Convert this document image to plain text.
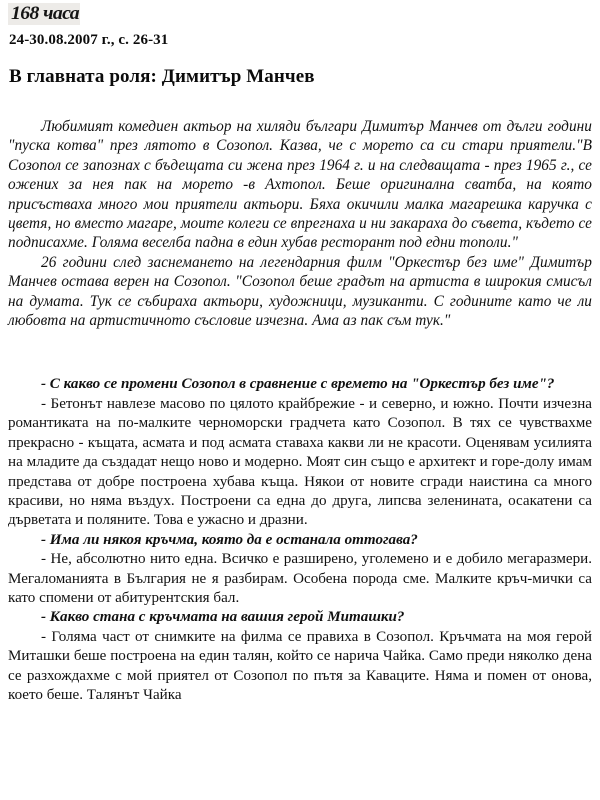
168 часа
24-30.08.2007 г., с. 26-31
В главната роля: Димитър Манчев

Любимият комедиен актьор на хиляди българи Димитър Манчев от дълги години "пуска котва" през лятото в Созопол. Казва, че с морето са си стари приятели."В Созопол се запознах с бъдещата си жена през 1964 г. и на следващата - през 1965 г., се ожених за нея пак на морето -в Ахтопол. Беше оригинална сватба, на която присъстваха много мои приятели актьори. Бяха окичили малка магарешка каручка с цветя, но вместо магаре, моите колеги се впрегнаха и ни закараха до съвета, където се подписахме. Голяма веселба падна в един хубав ресторант под едни тополи."

26 години след заснемането на легендарния филм "Оркестър без име" Димитър Манчев остава верен на Созопол. "Созопол беше градът на артиста в широкия смисъл на думата. Тук се събираха актьори, художници, музиканти. С годините като че ли любовта на артистичното съсловие изчезна. Ама аз пак съм тук."

- С какво се промени Созопол в сравнение с времето на "Оркестър без име"?

- Бетонът навлезе масово по цялото крайбрежие - и северно, и южно. Почти изчезна романтиката на по-малките черноморски градчета като Созопол. В тях се чувствахме прекрасно - къщата, асмата и под асмата ставаха какви ли не красоти. Оценявам усилията на младите да създадат нещо ново и модерно. Моят син също е архитект и горе-долу имам представа от добре построена хубава къща. Някои от новите сгради наистина са много красиви, но няма въздух. Построени са една до друга, липсва зеленината, осакатени са дърветата и поляните. Това е ужасно и дразни.

- Има ли някоя кръчма, която да е останала оттогава?

- Не, абсолютно нито една. Всичко е разширено, уголемено и е добило мегаразмери. Мегаломанията в България не я разбирам. Особена порода сме. Малките кръч-мички са като спомени от абитурентския бал.

- Какво стана с кръчмата на вашия герой Миташки?

- Голяма част от снимките на филма се правиха в Созопол. Кръчмата на моя герой Миташки беше построена на един талян, който се нарича Чайка. Само преди няколко дена се разхождахме с мой приятел от Созопол по пътя за Каваците. Няма и помен от онова, което беше. Талянът Чайка
